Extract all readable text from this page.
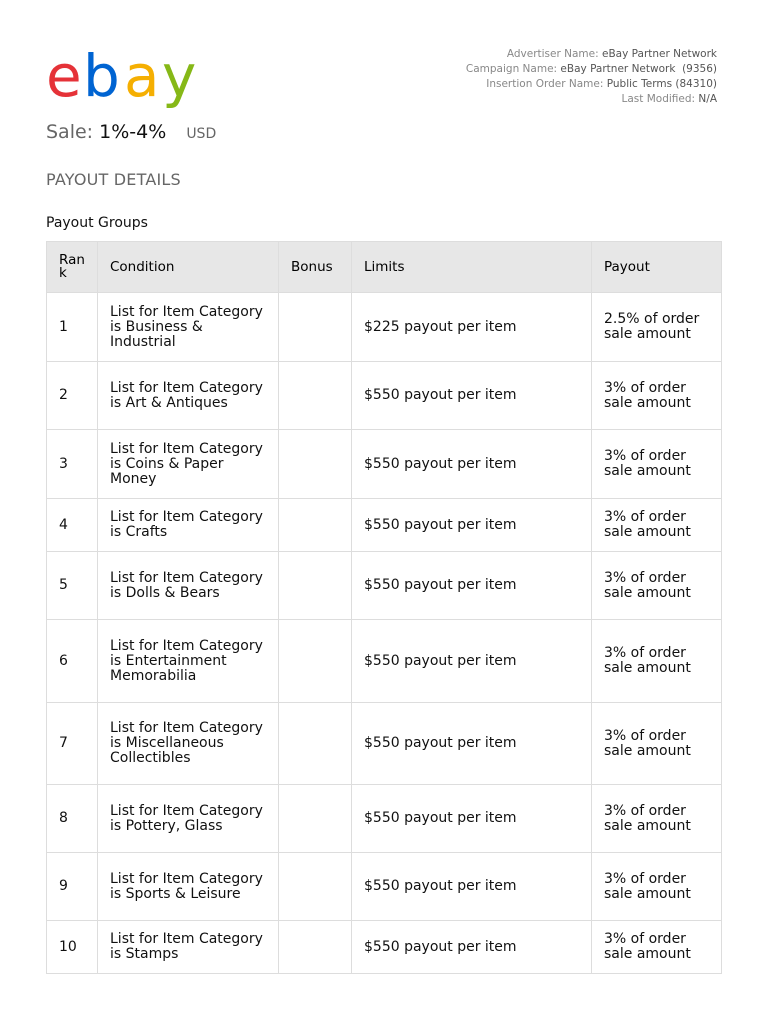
e b a y	Advertiser Name: eBay Partner Network
Campaign Name: eBay Partner Network  (9356)
Insertion Order Name: Public Terms (84310)
Last Modified: N/A
Sale: 1%-4% USD
PAYOUT DETAILS
Payout Groups
Rank	Condition	Bonus	Limits	Payout
1	List for Item Category is Business & Industrial		$225 payout per item	2.5% of order sale amount
2	List for Item Category is Art & Antiques		$550 payout per item	3% of order sale amount
3	List for Item Category is Coins & Paper Money		$550 payout per item	3% of order sale amount
4	List for Item Category is Crafts		$550 payout per item	3% of order sale amount
5	List for Item Category is Dolls & Bears		$550 payout per item	3% of order sale amount
6	List for Item Category is Entertainment Memorabilia		$550 payout per item	3% of order sale amount
7	List for Item Category is Miscellaneous Collectibles		$550 payout per item	3% of order sale amount
8	List for Item Category is Pottery, Glass		$550 payout per item	3% of order sale amount
9	List for Item Category is Sports & Leisure		$550 payout per item	3% of order sale amount
10	List for Item Category is Stamps		$550 payout per item	3% of order sale amount
